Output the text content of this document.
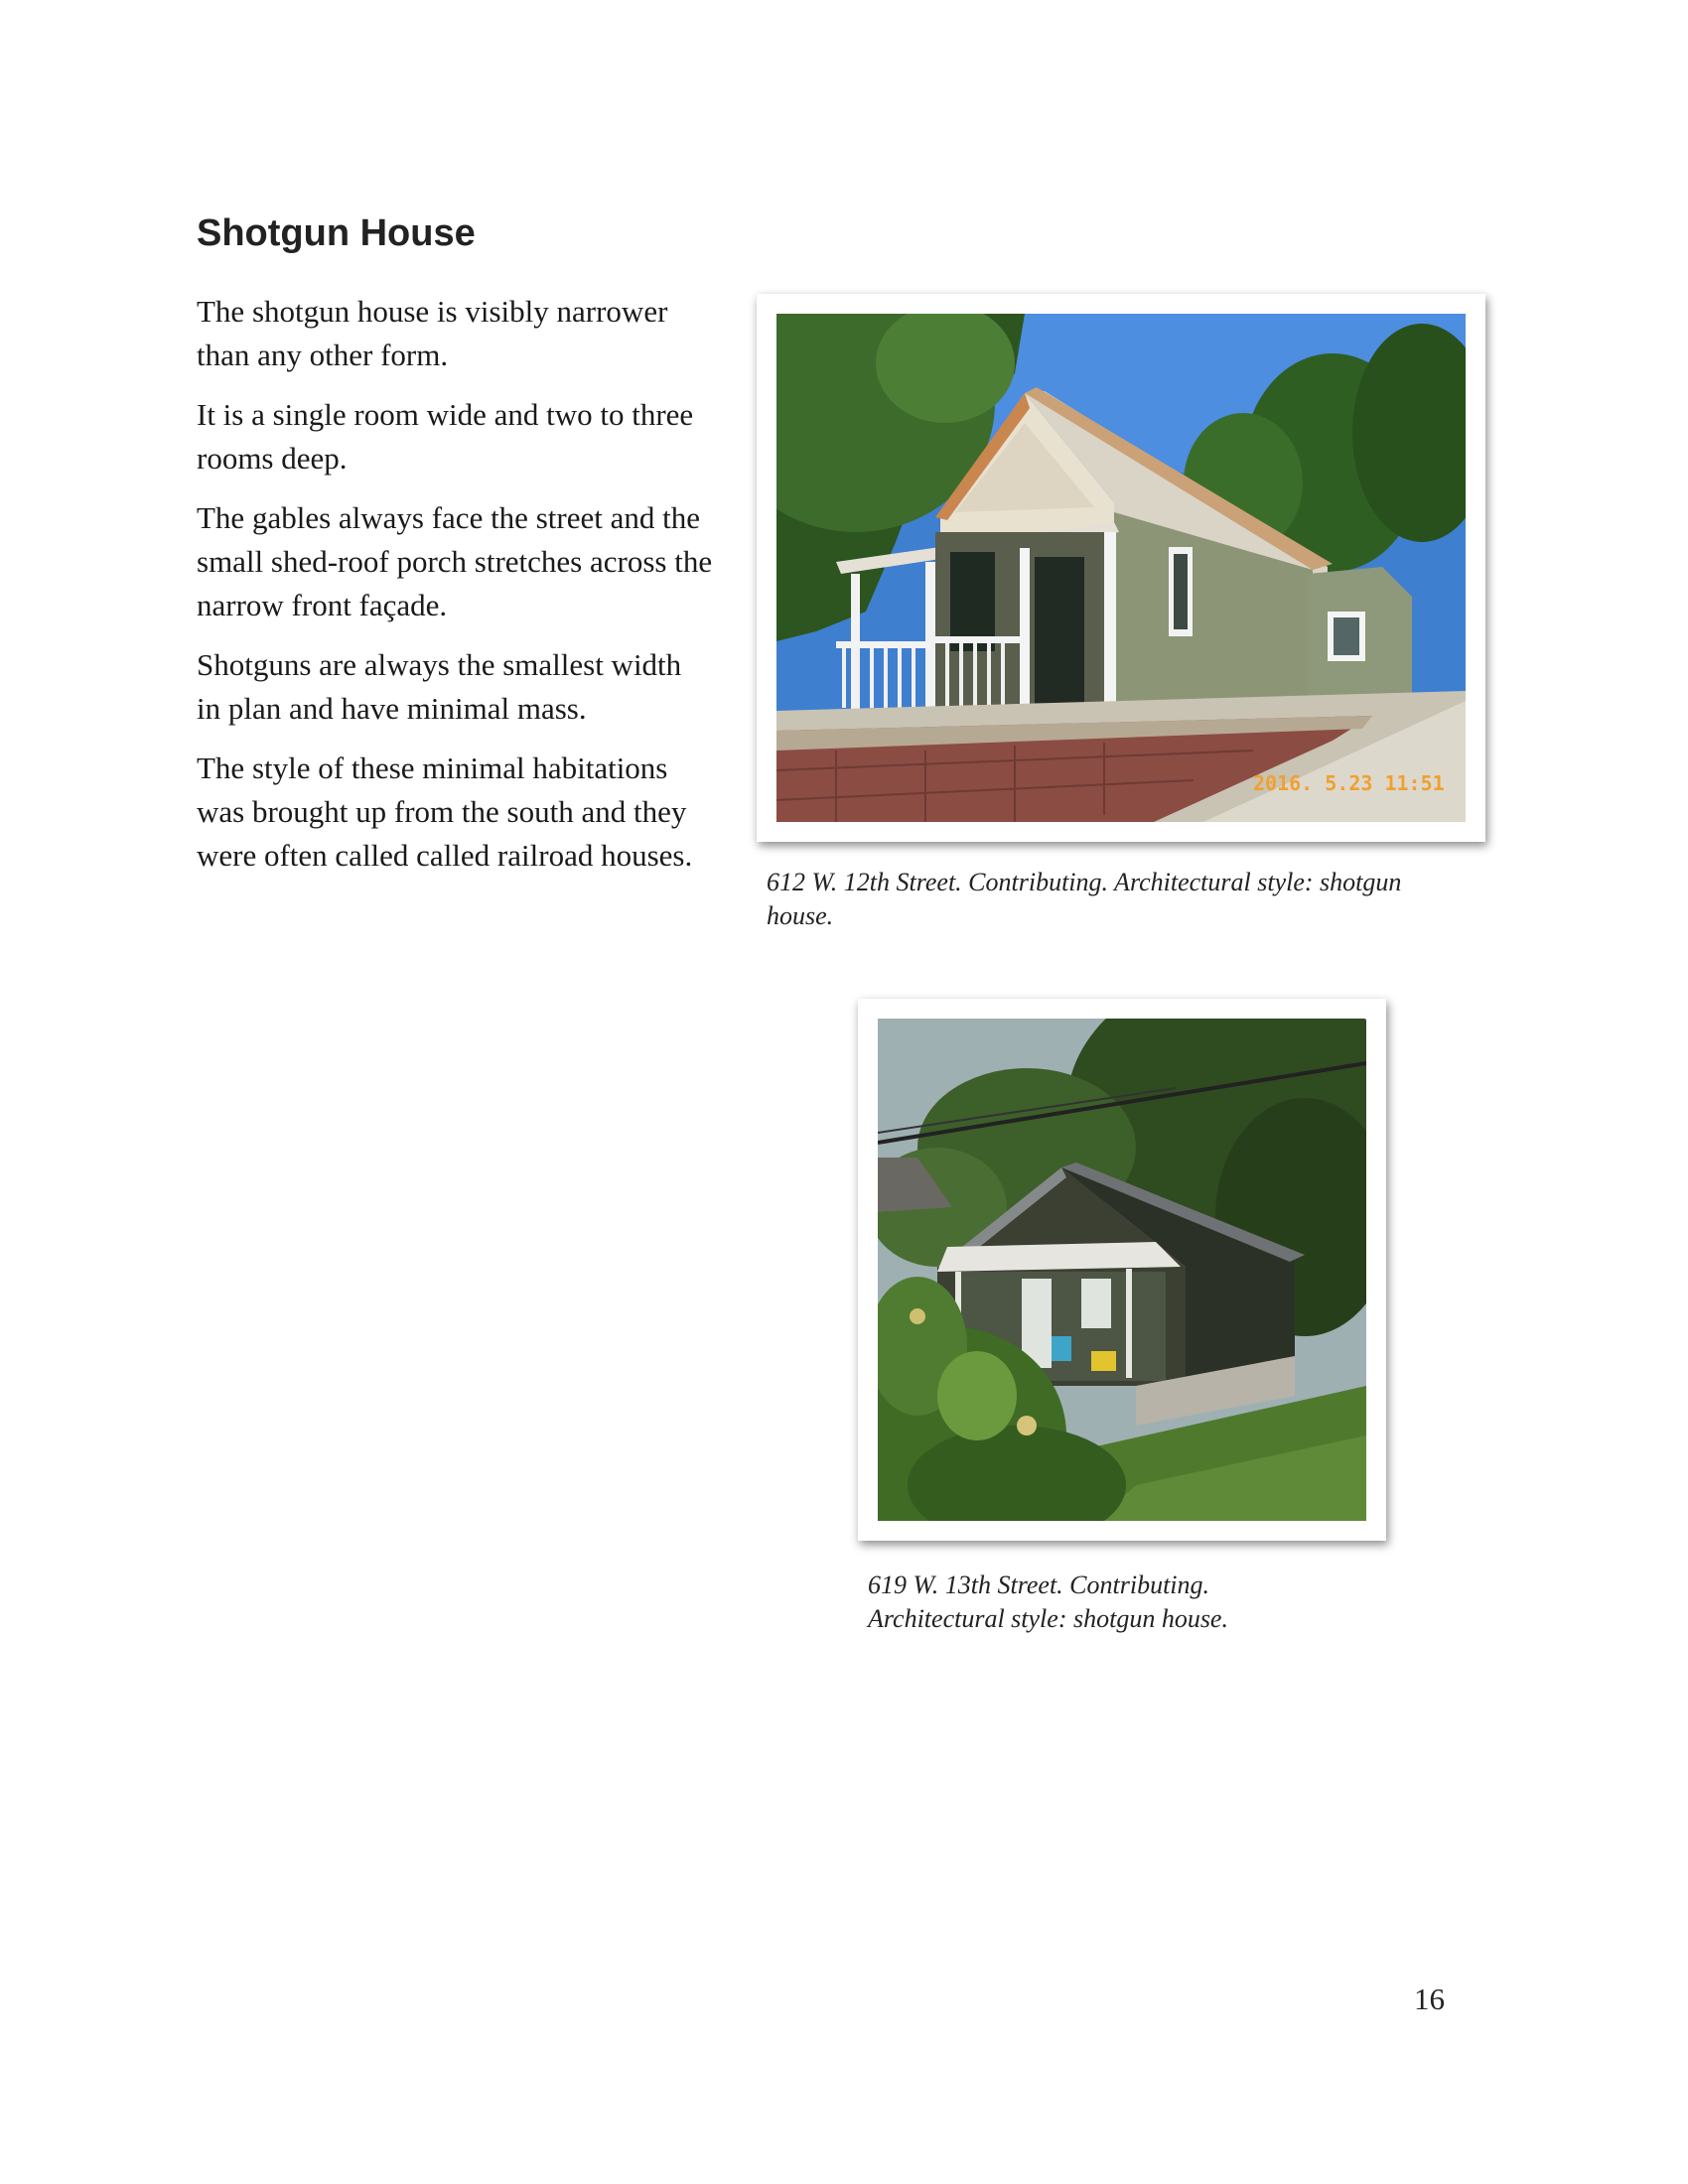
Shotgun House

The shotgun house is visibly narrower than any other form.

It is a single room wide and two to three rooms deep.

The gables always face the street and the small shed-roof porch stretches across the narrow front façade.

Shotguns are always the smallest width in plan and have minimal mass.

The style of these minimal habitations was brought up from the south and they were often called called railroad houses.

2016. 5.23 11:51
612 W. 12th Street. Contributing. Architectural style: shotgun house.
619 W. 13th Street. Contributing. Architectural style: shotgun house.
16
